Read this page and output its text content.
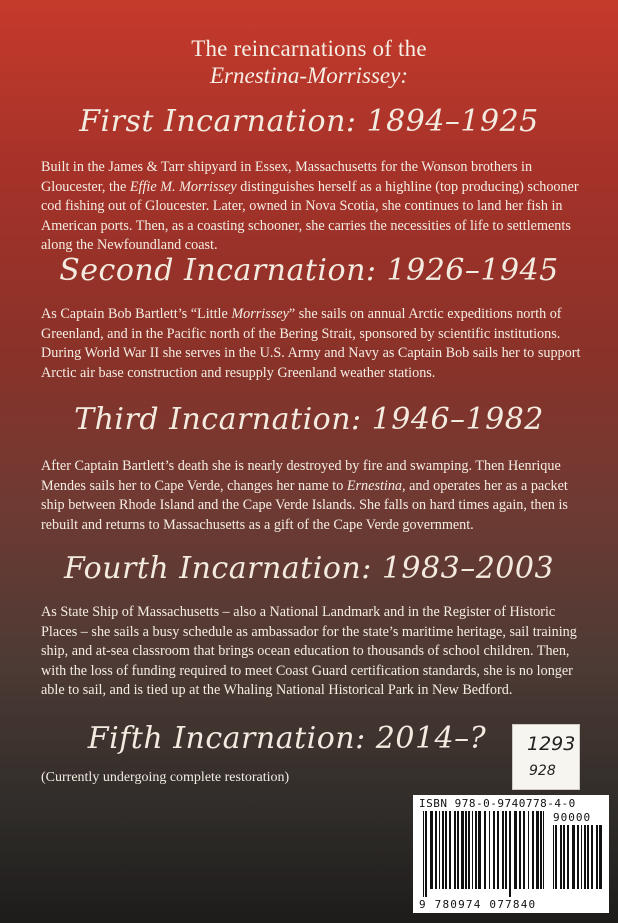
The reincarnations of the
Ernestina-Morrissey:
First Incarnation: 1894–1925
Built in the James & Tarr shipyard in Essex, Massachusetts for the Wonson brothers in Gloucester, the Effie M. Morrissey distinguishes herself as a highline (top producing) schooner cod fishing out of Gloucester. Later, owned in Nova Scotia, she continues to land her fish in American ports. Then, as a coasting schooner, she carries the necessities of life to settlements along the Newfoundland coast.
Second Incarnation: 1926–1945
As Captain Bob Bartlett’s “Little Morrissey” she sails on annual Arctic expeditions north of Greenland, and in the Pacific north of the Bering Strait, sponsored by scientific institutions. During World War II she serves in the U.S. Army and Navy as Captain Bob sails her to support Arctic air base construction and resupply Greenland weather stations.
Third Incarnation: 1946–1982
After Captain Bartlett’s death she is nearly destroyed by fire and swamping. Then Henrique Mendes sails her to Cape Verde, changes her name to Ernestina, and operates her as a packet ship between Rhode Island and the Cape Verde Islands. She falls on hard times again, then is rebuilt and returns to Massachusetts as a gift of the Cape Verde government.
Fourth Incarnation: 1983–2003
As State Ship of Massachusetts – also a National Landmark and in the Register of Historic Places – she sails a busy schedule as ambassador for the state’s maritime heritage, sail training ship, and at-sea classroom that brings ocean education to thousands of school children. Then, with the loss of funding required to meet Coast Guard certification standards, she is no longer able to sail, and is tied up at the Whaling National Historical Park in New Bedford.
Fifth Incarnation: 2014–?
(Currently undergoing complete restoration)
1293
928
ISBN 978-0-9740778-4-0
90000
9 780974 077840
